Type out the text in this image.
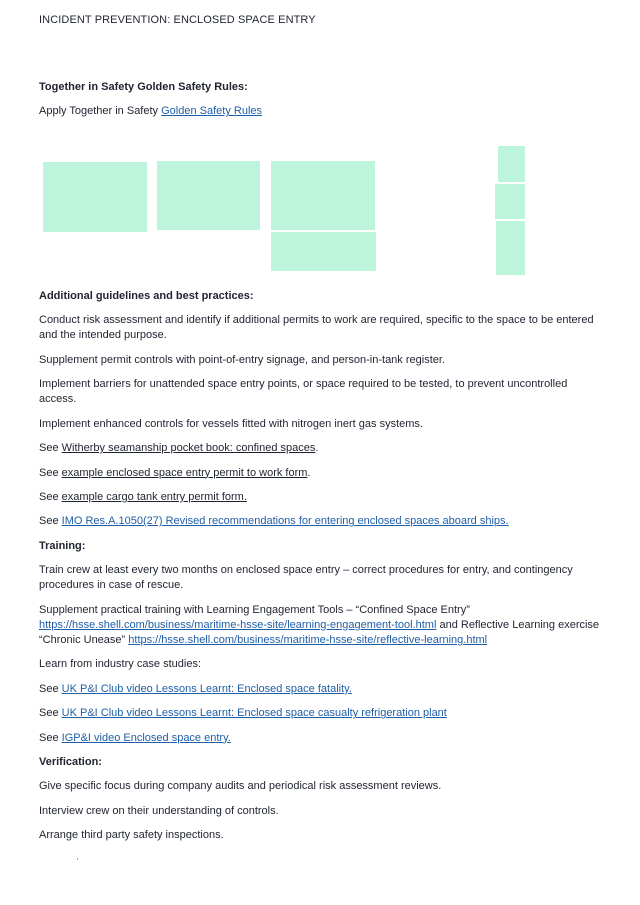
INCIDENT PREVENTION: ENCLOSED SPACE ENTRY
Together in Safety Golden Safety Rules:

Apply Together in Safety Golden Safety Rules

Additional guidelines and best practices:

Conduct risk assessment and identify if additional permits to work are required, specific to the space to be entered and the intended purpose.

Supplement permit controls with point-of-entry signage, and person-in-tank register.

Implement barriers for unattended space entry points, or space required to be tested, to prevent uncontrolled access.

Implement enhanced controls for vessels fitted with nitrogen inert gas systems.

See Witherby seamanship pocket book: confined spaces.

See example enclosed space entry permit to work form.

See example cargo tank entry permit form.

See IMO Res.A.1050(27) Revised recommendations for entering enclosed spaces aboard ships.

Training:

Train crew at least every two months on enclosed space entry – correct procedures for entry, and contingency procedures in case of rescue.

Supplement practical training with Learning Engagement Tools – “Confined Space Entry” https://hsse.shell.com/business/maritime-hsse-site/learning-engagement-tool.html and Reflective Learning exercise “Chronic Unease” https://hsse.shell.com/business/maritime-hsse-site/reflective-learning.html

Learn from industry case studies:

See UK P&I Club video Lessons Learnt: Enclosed space fatality.

See UK P&I Club video Lessons Learnt: Enclosed space casualty refrigeration plant

See IGP&I video Enclosed space entry.

Verification:

Give specific focus during company audits and periodical risk assessment reviews.

Interview crew on their understanding of controls.

Arrange third party safety inspections.
